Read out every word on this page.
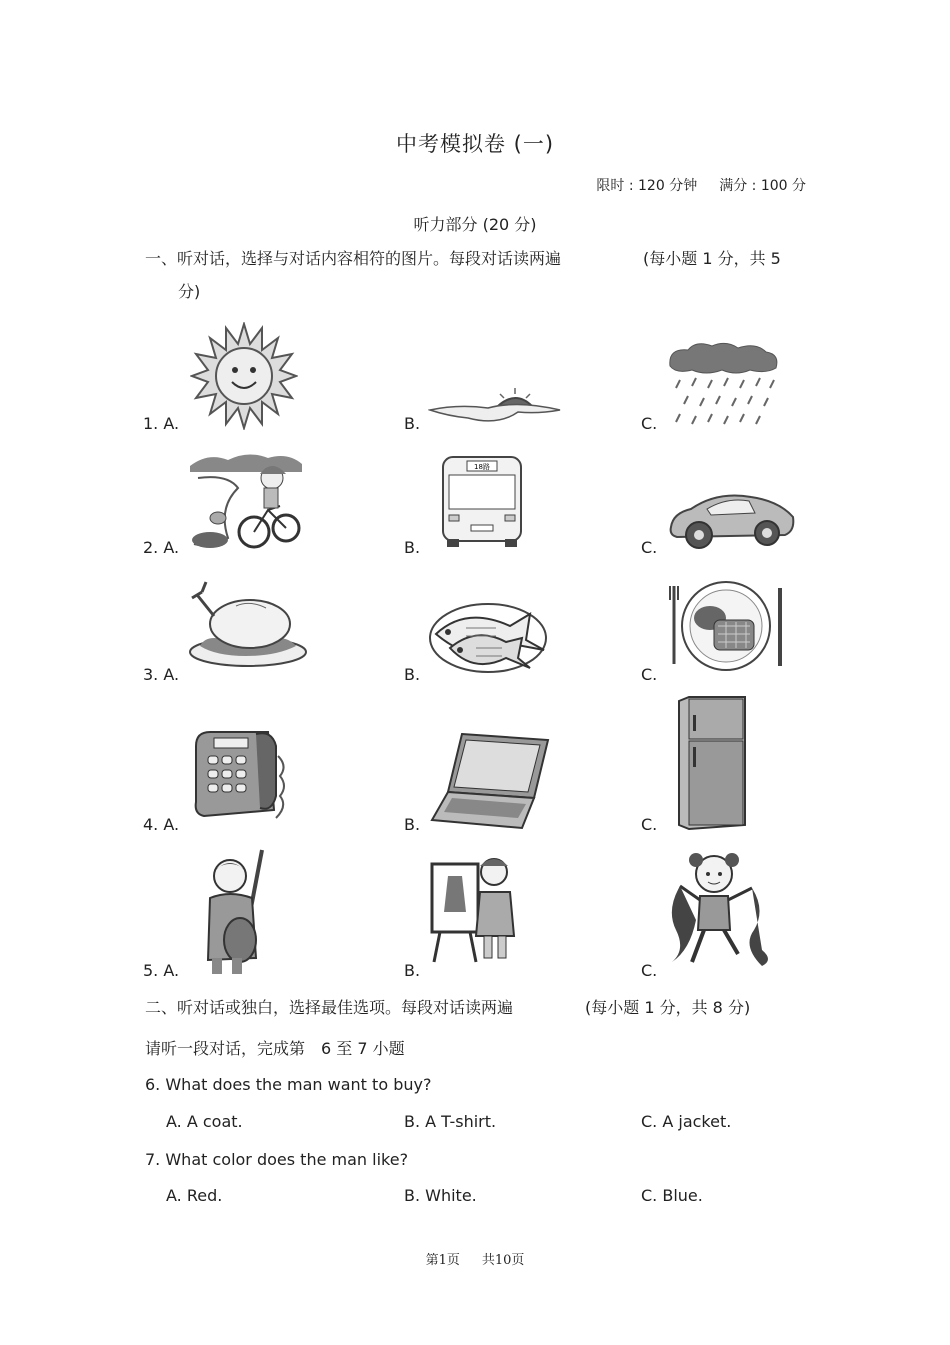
中考模拟卷 (一)
限时 : 120 分钟 满分 : 100 分
听力部分 (20 分)
一、听对话，选择与对话内容相符的图片。每段对话读两遍	(每小题 1 分，共 5
分)
1. A.	B.	C.
2. A.	B.	C.
18路
3. A.	B.	C.
4. A.	B.	C.
5. A.	B.	C.
二、听对话或独白，选择最佳选项。每段对话读两遍	(每小题 1 分，共 8 分)
请听一段对话，完成第　6 至 7 小题
6. What does the man want to buy?
A. A coat.	B. A T-shirt.	C. A jacket.
7. What color does the man like?
A. Red.	B. White.	C. Blue.
第1页 共10页
